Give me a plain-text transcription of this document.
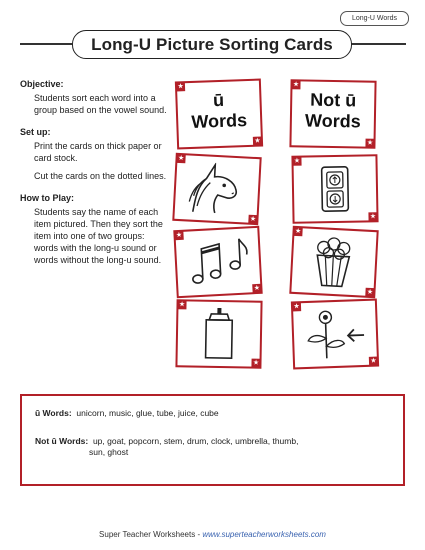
Long-U Words
Long-U Picture Sorting Cards
Objective:

Students sort each word into a group based on the vowel sound.

Set up:

Print the cards on thick paper or card stock.

Cut the cards on the dotted lines.

How to Play:

Students say the name of each item pictured. Then they sort the item into one of two groups: words with the long-u sound or words without the long-u sound.

★
★
ū
Words
★
★
★
★
★
★
★
★
Not ū
Words
★
★
★
★
★
★
ū Words: unicorn, music, glue, tube, juice, cube
Not ū Words: up, goat, popcorn, stem, drum, clock, umbrella, thumb,
sun, ghost
Super Teacher Worksheets - www.superteacherworksheets.com
